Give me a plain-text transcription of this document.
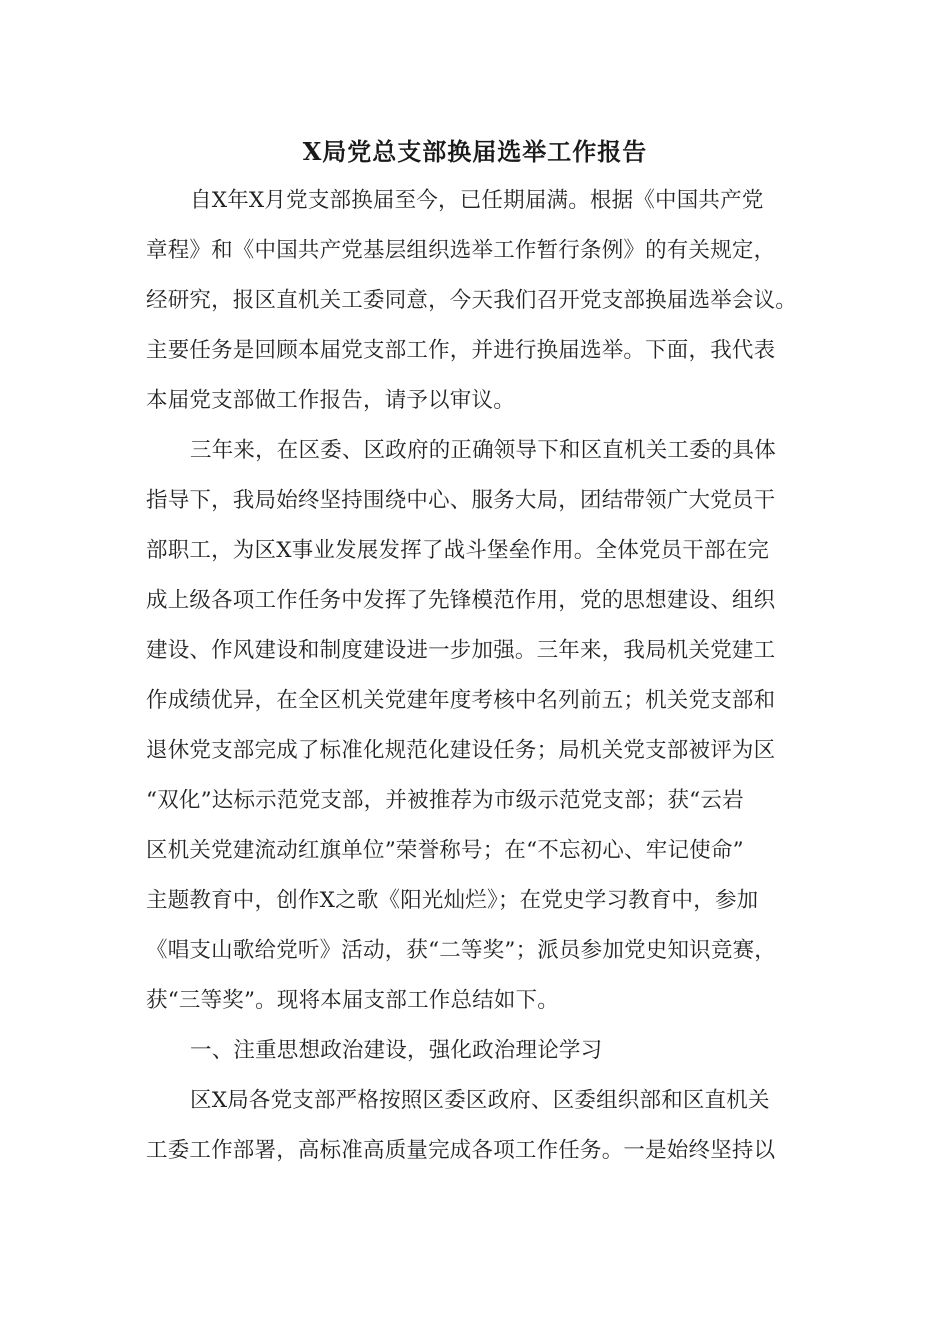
X局党总支部换届选举工作报告
自X年X月党支部换届至今，已任期届满。根据《中国共产党
章程》和《中国共产党基层组织选举工作暂行条例》的有关规定，
经研究，报区直机关工委同意，今天我们召开党支部换届选举会议。
主要任务是回顾本届党支部工作，并进行换届选举。下面，我代表
本届党支部做工作报告，请予以审议。
三年来，在区委、区政府的正确领导下和区直机关工委的具体
指导下，我局始终坚持围绕中心、服务大局，团结带领广大党员干
部职工，为区X事业发展发挥了战斗堡垒作用。全体党员干部在完
成上级各项工作任务中发挥了先锋模范作用，党的思想建设、组织
建设、作风建设和制度建设进一步加强。三年来，我局机关党建工
作成绩优异，在全区机关党建年度考核中名列前五；机关党支部和
退休党支部完成了标准化规范化建设任务；局机关党支部被评为区
“双化”达标示范党支部，并被推荐为市级示范党支部；获“云岩
区机关党建流动红旗单位”荣誉称号；在“不忘初心、牢记使命”
主题教育中，创作X之歌《阳光灿烂》；在党史学习教育中，参加
《唱支山歌给党听》活动，获“二等奖”；派员参加党史知识竞赛，
获“三等奖”。现将本届支部工作总结如下。
一、注重思想政治建设，强化政治理论学习
区X局各党支部严格按照区委区政府、区委组织部和区直机关
工委工作部署，高标准高质量完成各项工作任务。一是始终坚持以
